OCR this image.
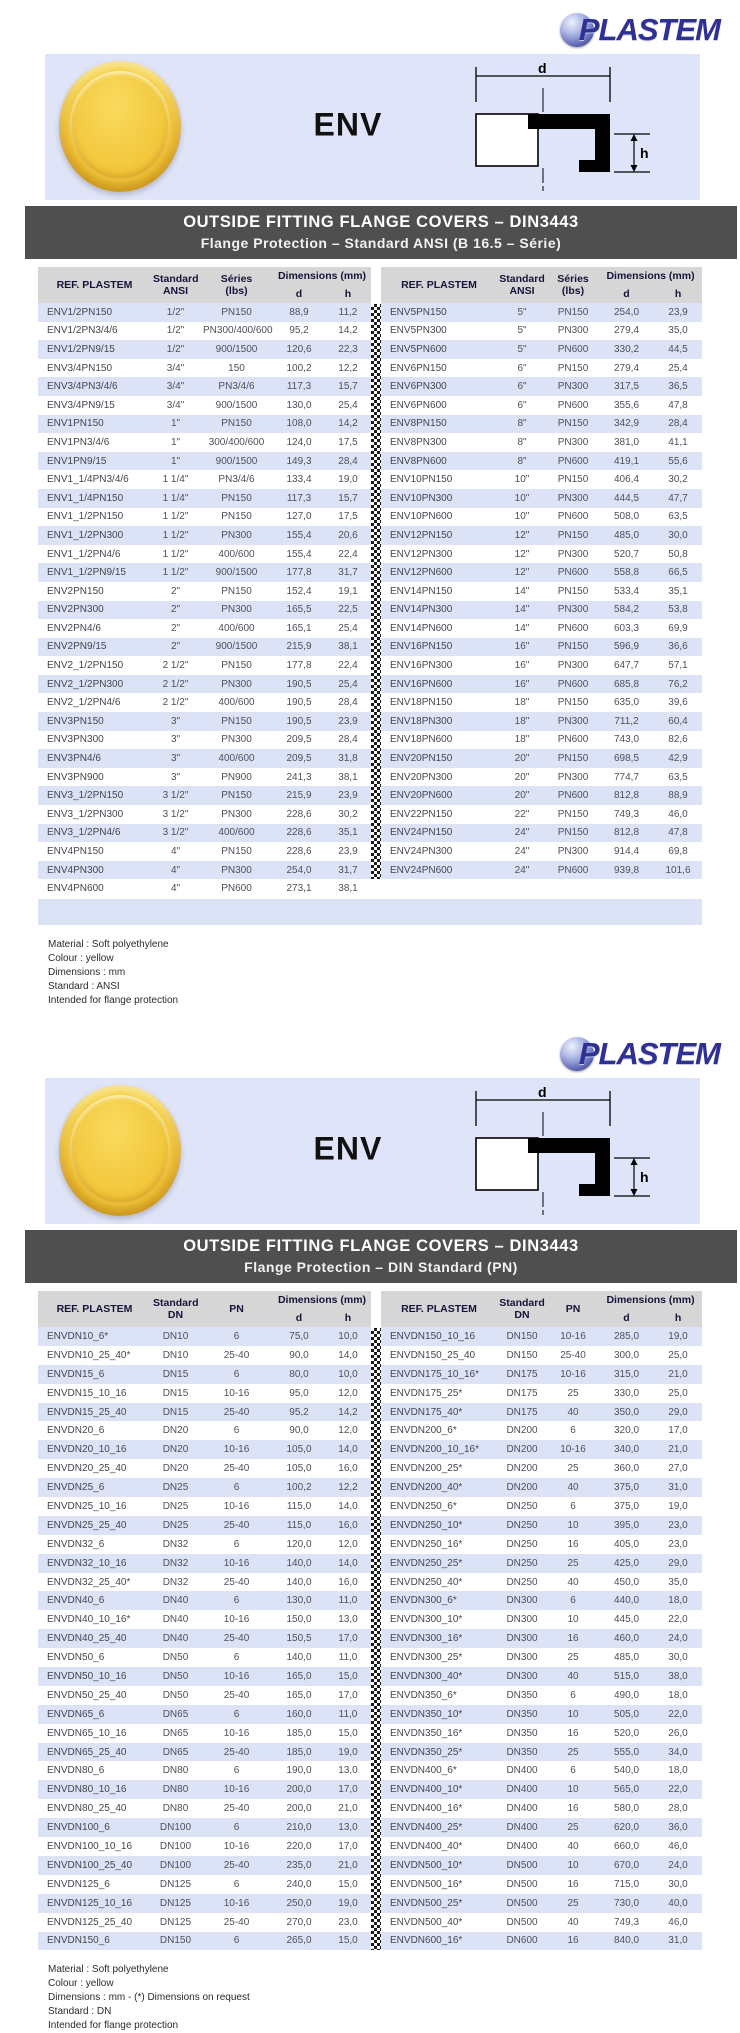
PLASTEM
ENV
d
h
OUTSIDE FITTING FLANGE COVERS – DIN3443
Flange Protection – Standard ANSI (B 16.5 – Série)
REF. PLASTEM	Standard
ANSI	Séries
(lbs)	Dimensions (mm)	
			d	h
ENV1/2PN150	1/2"	PN150	88,9	11,2
ENV1/2PN3/4/6	1/2"	PN300/400/600	95,2	14,2
ENV1/2PN9/15	1/2"	900/1500	120,6	22,3
ENV3/4PN150	3/4"	150	100,2	12,2
ENV3/4PN3/4/6	3/4"	PN3/4/6	117,3	15,7
ENV3/4PN9/15	3/4"	900/1500	130,0	25,4
ENV1PN150	1"	PN150	108,0	14,2
ENV1PN3/4/6	1"	300/400/600	124,0	17,5
ENV1PN9/15	1"	900/1500	149,3	28,4
ENV1_1/4PN3/4/6	1 1/4"	PN3/4/6	133,4	19,0
ENV1_1/4PN150	1 1/4"	PN150	117,3	15,7
ENV1_1/2PN150	1 1/2"	PN150	127,0	17,5
ENV1_1/2PN300	1 1/2"	PN300	155,4	20,6
ENV1_1/2PN4/6	1 1/2"	400/600	155,4	22,4
ENV1_1/2PN9/15	1 1/2"	900/1500	177,8	31,7
ENV2PN150	2"	PN150	152,4	19,1
ENV2PN300	2"	PN300	165,5	22,5
ENV2PN4/6	2"	400/600	165,1	25,4
ENV2PN9/15	2"	900/1500	215,9	38,1
ENV2_1/2PN150	2 1/2"	PN150	177,8	22,4
ENV2_1/2PN300	2 1/2"	PN300	190,5	25,4
ENV2_1/2PN4/6	2 1/2"	400/600	190,5	28,4
ENV3PN150	3"	PN150	190,5	23,9
ENV3PN300	3"	PN300	209,5	28,4
ENV3PN4/6	3"	400/600	209,5	31,8
ENV3PN900	3"	PN900	241,3	38,1
ENV3_1/2PN150	3 1/2"	PN150	215,9	23,9
ENV3_1/2PN300	3 1/2"	PN300	228,6	30,2
ENV3_1/2PN4/6	3 1/2"	400/600	228,6	35,1
ENV4PN150	4"	PN150	228,6	23,9
ENV4PN300	4"	PN300	254,0	31,7
ENV4PN600	4"	PN600	273,1	38,1
REF. PLASTEM	Standard
ANSI	Séries
(lbs)	Dimensions (mm)	
			d	h
ENV5PN150	5"	PN150	254,0	23,9
ENV5PN300	5"	PN300	279,4	35,0
ENV5PN600	5"	PN600	330,2	44,5
ENV6PN150	6"	PN150	279,4	25,4
ENV6PN300	6"	PN300	317,5	36,5
ENV6PN600	6"	PN600	355,6	47,8
ENV8PN150	8"	PN150	342,9	28,4
ENV8PN300	8"	PN300	381,0	41,1
ENV8PN600	8"	PN600	419,1	55,6
ENV10PN150	10"	PN150	406,4	30,2
ENV10PN300	10"	PN300	444,5	47,7
ENV10PN600	10"	PN600	508,0	63,5
ENV12PN150	12"	PN150	485,0	30,0
ENV12PN300	12"	PN300	520,7	50,8
ENV12PN600	12"	PN600	558,8	66,5
ENV14PN150	14"	PN150	533,4	35,1
ENV14PN300	14"	PN300	584,2	53,8
ENV14PN600	14"	PN600	603,3	69,9
ENV16PN150	16"	PN150	596,9	36,6
ENV16PN300	16"	PN300	647,7	57,1
ENV16PN600	16"	PN600	685,8	76,2
ENV18PN150	18"	PN150	635,0	39,6
ENV18PN300	18"	PN300	711,2	60,4
ENV18PN600	18"	PN600	743,0	82,6
ENV20PN150	20"	PN150	698,5	42,9
ENV20PN300	20"	PN300	774,7	63,5
ENV20PN600	20"	PN600	812,8	88,9
ENV22PN150	22"	PN150	749,3	46,0
ENV24PN150	24"	PN150	812,8	47,8
ENV24PN300	24"	PN300	914,4	69,8
ENV24PN600	24"	PN600	939,8	101,6
Material : Soft polyethylene
Colour : yellow
Dimensions : mm
Standard : ANSI
Intended for flange protection
PLASTEM
ENV
d
h
OUTSIDE FITTING FLANGE COVERS – DIN3443
Flange Protection – DIN Standard (PN)
REF. PLASTEM	Standard
DN	PN	Dimensions (mm)	
			d	h
ENVDN10_6*	DN10	6	75,0	10,0
ENVDN10_25_40*	DN10	25-40	90,0	14,0
ENVDN15_6	DN15	6	80,0	10,0
ENVDN15_10_16	DN15	10-16	95,0	12,0
ENVDN15_25_40	DN15	25-40	95,2	14,2
ENVDN20_6	DN20	6	90,0	12,0
ENVDN20_10_16	DN20	10-16	105,0	14,0
ENVDN20_25_40	DN20	25-40	105,0	16,0
ENVDN25_6	DN25	6	100,2	12,2
ENVDN25_10_16	DN25	10-16	115,0	14,0
ENVDN25_25_40	DN25	25-40	115,0	16,0
ENVDN32_6	DN32	6	120,0	12,0
ENVDN32_10_16	DN32	10-16	140,0	14,0
ENVDN32_25_40*	DN32	25-40	140,0	16,0
ENVDN40_6	DN40	6	130,0	11,0
ENVDN40_10_16*	DN40	10-16	150,0	13,0
ENVDN40_25_40	DN40	25-40	150,5	17,0
ENVDN50_6	DN50	6	140,0	11,0
ENVDN50_10_16	DN50	10-16	165,0	15,0
ENVDN50_25_40	DN50	25-40	165,0	17,0
ENVDN65_6	DN65	6	160,0	11,0
ENVDN65_10_16	DN65	10-16	185,0	15,0
ENVDN65_25_40	DN65	25-40	185,0	19,0
ENVDN80_6	DN80	6	190,0	13,0
ENVDN80_10_16	DN80	10-16	200,0	17,0
ENVDN80_25_40	DN80	25-40	200,0	21,0
ENVDN100_6	DN100	6	210,0	13,0
ENVDN100_10_16	DN100	10-16	220,0	17,0
ENVDN100_25_40	DN100	25-40	235,0	21,0
ENVDN125_6	DN125	6	240,0	15,0
ENVDN125_10_16	DN125	10-16	250,0	19,0
ENVDN125_25_40	DN125	25-40	270,0	23,0
ENVDN150_6	DN150	6	265,0	15,0
REF. PLASTEM	Standard
DN	PN	Dimensions (mm)	
			d	h
ENVDN150_10_16	DN150	10-16	285,0	19,0
ENVDN150_25_40	DN150	25-40	300,0	25,0
ENVDN175_10_16*	DN175	10-16	315,0	21,0
ENVDN175_25*	DN175	25	330,0	25,0
ENVDN175_40*	DN175	40	350,0	29,0
ENVDN200_6*	DN200	6	320,0	17,0
ENVDN200_10_16*	DN200	10-16	340,0	21,0
ENVDN200_25*	DN200	25	360,0	27,0
ENVDN200_40*	DN200	40	375,0	31,0
ENVDN250_6*	DN250	6	375,0	19,0
ENVDN250_10*	DN250	10	395,0	23,0
ENVDN250_16*	DN250	16	405,0	23,0
ENVDN250_25*	DN250	25	425,0	29,0
ENVDN250_40*	DN250	40	450,0	35,0
ENVDN300_6*	DN300	6	440,0	18,0
ENVDN300_10*	DN300	10	445,0	22,0
ENVDN300_16*	DN300	16	460,0	24,0
ENVDN300_25*	DN300	25	485,0	30,0
ENVDN300_40*	DN300	40	515,0	38,0
ENVDN350_6*	DN350	6	490,0	18,0
ENVDN350_10*	DN350	10	505,0	22,0
ENVDN350_16*	DN350	16	520,0	26,0
ENVDN350_25*	DN350	25	555,0	34,0
ENVDN400_6*	DN400	6	540,0	18,0
ENVDN400_10*	DN400	10	565,0	22,0
ENVDN400_16*	DN400	16	580,0	28,0
ENVDN400_25*	DN400	25	620,0	36,0
ENVDN400_40*	DN400	40	660,0	46,0
ENVDN500_10*	DN500	10	670,0	24,0
ENVDN500_16*	DN500	16	715,0	30,0
ENVDN500_25*	DN500	25	730,0	40,0
ENVDN500_40*	DN500	40	749,3	46,0
ENVDN600_16*	DN600	16	840,0	31,0
Material : Soft polyethylene
Colour : yellow
Dimensions : mm - (*) Dimensions on request
Standard : DN
Intended for flange protection
